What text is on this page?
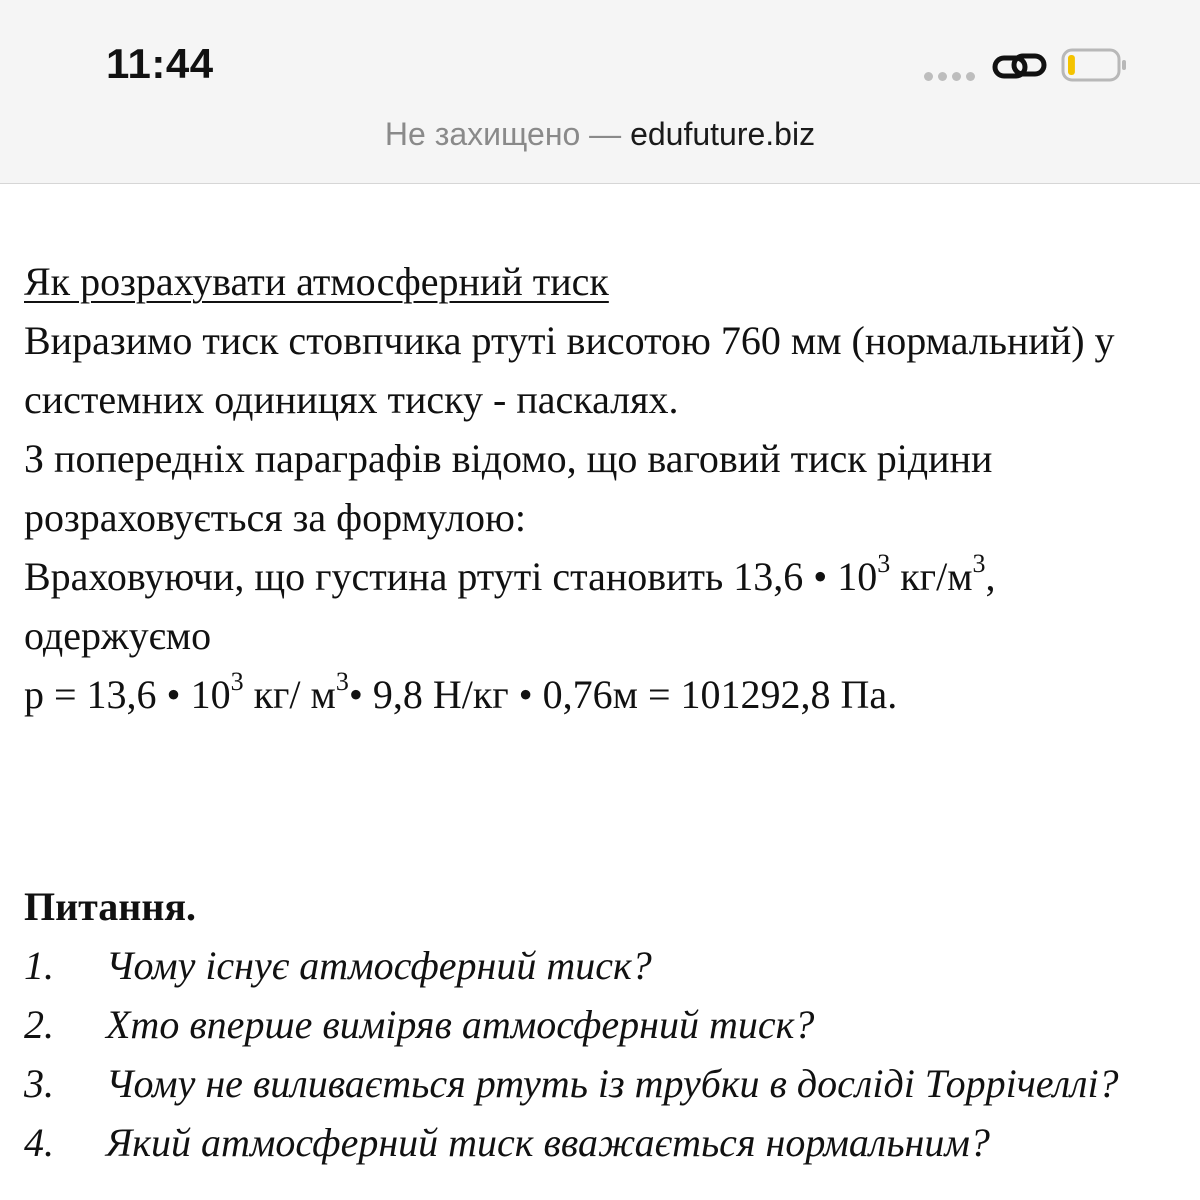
11:44
Не захищено — edufuture.biz

Як розрахувати атмосферний тиск

Виразимо тиск стовпчика ртуті висотою 760 мм (нормальний) у системних одиницях тиску - паскалях.

З попередніх параграфів відомо, що ваговий тиск рідини розраховується за формулою:

Враховуючи, що густина ртуті становить 13,6 • $10^3$ $кг/м^3$, одержуємо

p = 13,6 • $10^3$ кг/ $м^3•$ 9,8 Н/кг • 0,76м = 101292,8 Па.

Питання.

1. Чому існує атмосферний тиск?

2. Хто вперше виміряв атмосферний тиск?

3. Чому не виливається ртуть із трубки в досліді Торрічеллі?

4. Який атмосферний тиск вважається нормальним?
